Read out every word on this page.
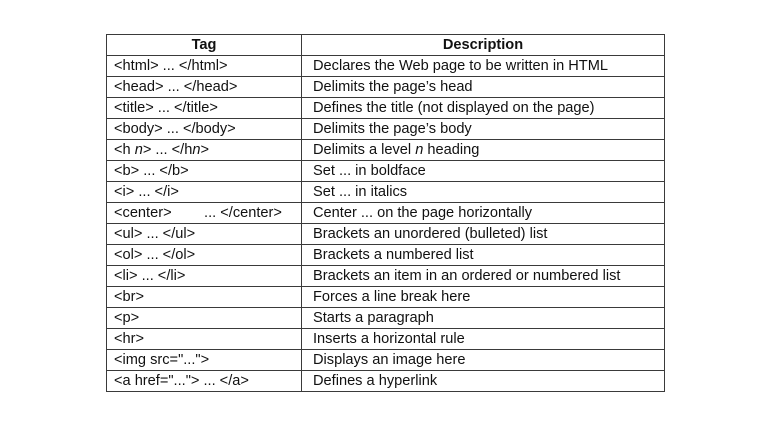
Tag	Description
<html> ... </html>	Declares the Web page to be written in HTML
<head> ... </head>	Delimits the page’s head
<title> ... </title>	Defines the title (not displayed on the page)
<body> ... </body>	Delimits the page’s body
<h n> ... </hn>	Delimits a level n heading
<b> ... </b>	Set ... in boldface
<i> ... </i>	Set ... in italics
<center>        ... </center>	Center ... on the page horizontally
<ul> ... </ul>	Brackets an unordered (bulleted) list
<ol> ... </ol>	Brackets a numbered list
<li> ... </li>	Brackets an item in an ordered or numbered list
<br>	Forces a line break here
<p>	Starts a paragraph
<hr>	Inserts a horizontal rule
<img src="...">	Displays an image here
<a href="..."> ... </a>	Defines a hyperlink
